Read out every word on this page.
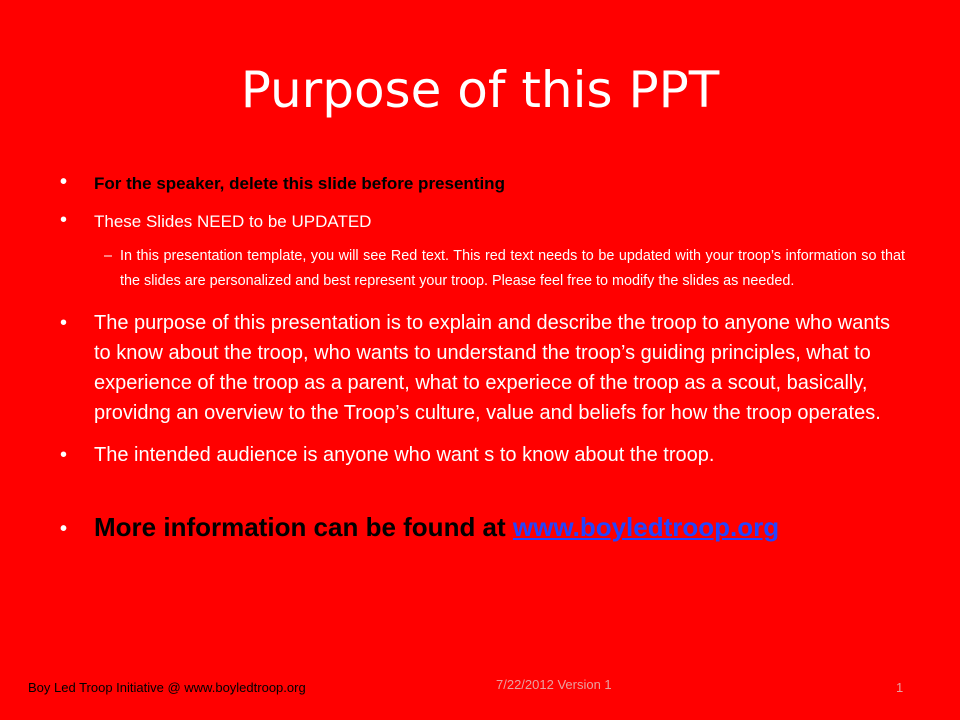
Purpose of this PPT
• For the speaker, delete this slide before presenting
• These Slides NEED to be UPDATED
– In this presentation template, you will see Red text. This red text needs to be updated with your troop’s information so that the slides are personalized and best represent your troop. Please feel free to modify the slides as needed.
• The purpose of this presentation is to explain and describe the troop to anyone who wants to know about the troop, who wants to understand the troop’s guiding principles, what to experience of the troop as a parent, what to experiece of the troop as a scout, basically, providng an overview to the Troop’s culture, value and beliefs for how the troop operates.
• The intended audience is anyone who want s to know about the troop.
• More information can be found at www.boyledtroop.org
Boy Led Troop Initiative @ www.boyledtroop.org	7/22/2012 Version 1	1
